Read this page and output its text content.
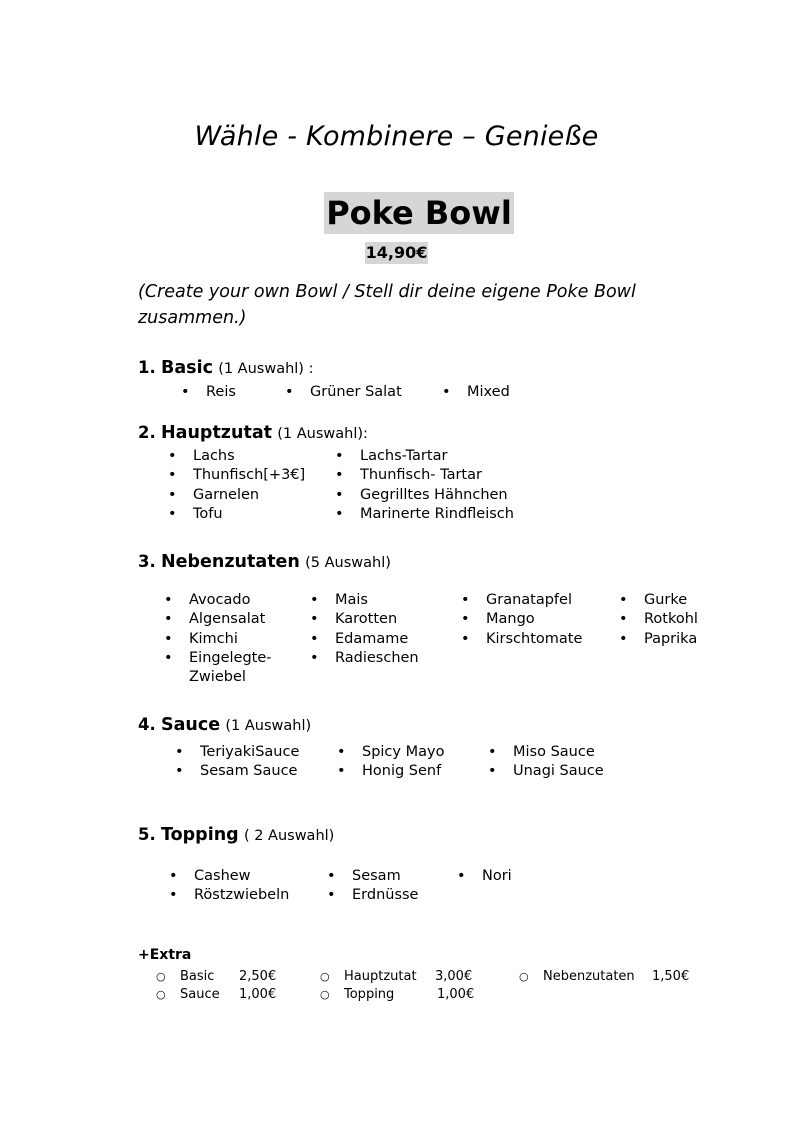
Wähle - Kombinere – Genieße
Poke Bowl
14,90€
(Create your own Bowl / Stell dir deine eigene Poke Bowl zusammen.)
1. Basic (1 Auswahl) :
• Reis	• Grüner Salat	• Mixed
2. Hauptzutat (1 Auswahl):
• Lachs	• Lachs-Tartar
• Thunfisch[+3€] • Thunfisch- Tartar
• Garnelen	• Gegrilltes Hähnchen
• Tofu	• Marinerte Rindfleisch
3. Nebenzutaten (5 Auswahl)
• Avocado
• Algensalat
• Kimchi
• Eingelegte-
Zwiebel
• Mais
• Karotten
• Edamame
• Radieschen
• Granatapfel
• Mango
• Kirschtomate
• Gurke
• Rotkohl
• Paprika
4. Sauce (1 Auswahl)
• TeriyakiSauce
• Sesam Sauce
• Spicy Mayo
• Honig Senf
• Miso Sauce
• Unagi Sauce
5. Topping ( 2 Auswahl)
• Cashew
• Röstzwiebeln
• Sesam
• Erdnüsse
• Nori
+Extra
○ Basic 2,50€	○ Hauptzutat 3,00€	○ Nebenzutaten 1,50€
○ Sauce 1,00€	○ Topping	1,00€
